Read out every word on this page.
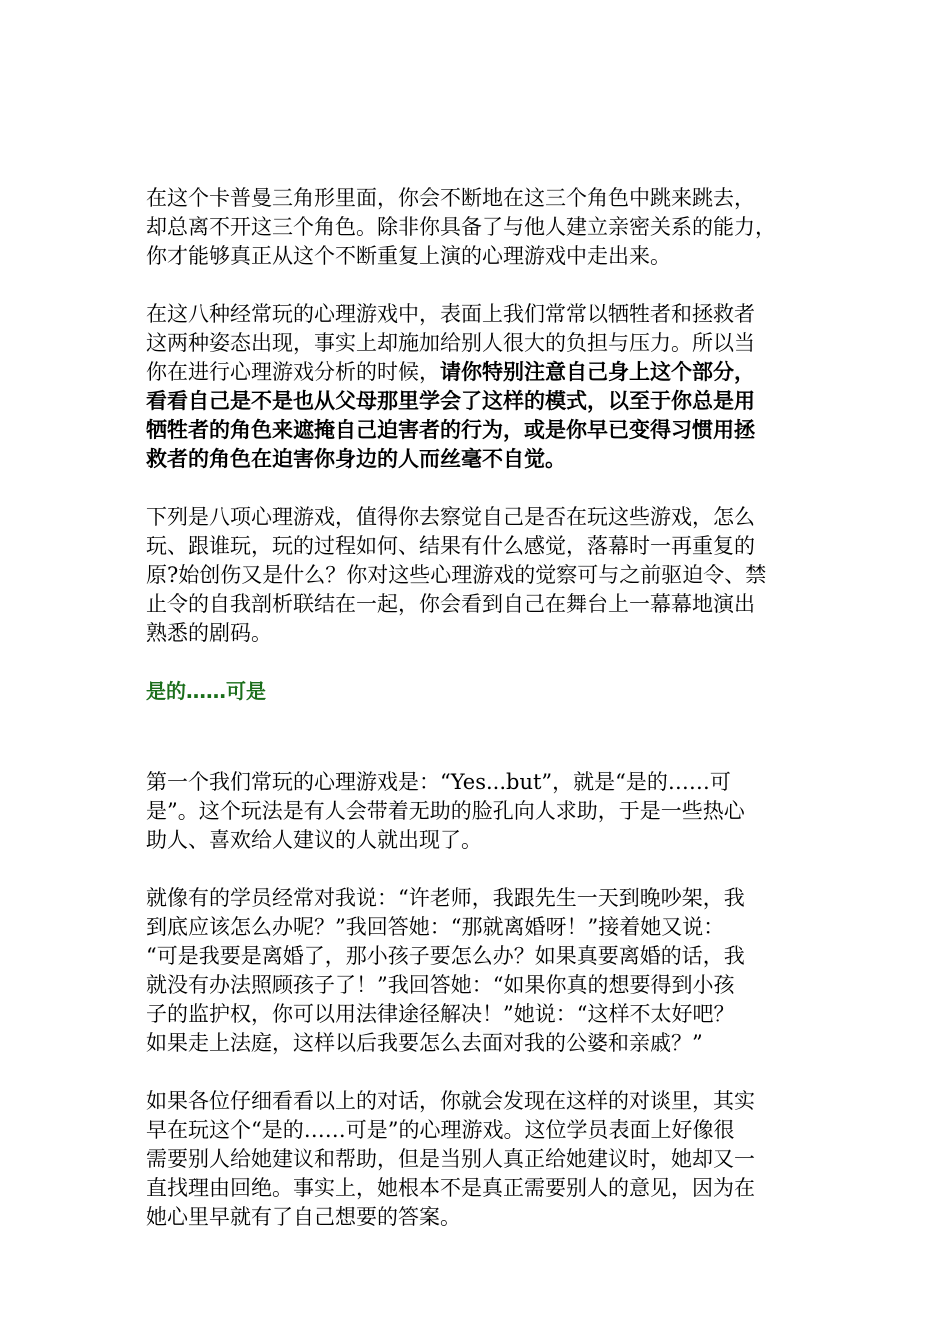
在这个卡普曼三角形里面，你会不断地在这三个角色中跳来跳去，
却总离不开这三个角色。除非你具备了与他人建立亲密关系的能力，
你才能够真正从这个不断重复上演的心理游戏中走出来。

在这八种经常玩的心理游戏中，表面上我们常常以牺牲者和拯救者
这两种姿态出现，事实上却施加给别人很大的负担与压力。所以当
你在进行心理游戏分析的时候，请你特别注意自己身上这个部分，
看看自己是不是也从父母那里学会了这样的模式，以至于你总是用
牺牲者的角色来遮掩自己迫害者的行为，或是你早已变得习惯用拯
救者的角色在迫害你身边的人而丝毫不自觉。

下列是八项心理游戏，值得你去察觉自己是否在玩这些游戏，怎么
玩、跟谁玩，玩的过程如何、结果有什么感觉，落幕时一再重复的
原?始创伤又是什么？你对这些心理游戏的觉察可与之前驱迫令、禁
止令的自我剖析联结在一起，你会看到自己在舞台上一幕幕地演出
熟悉的剧码。

是的……可是

第一个我们常玩的心理游戏是：“Yes...but”，就是“是的……可
是”。这个玩法是有人会带着无助的脸孔向人求助，于是一些热心
助人、喜欢给人建议的人就出现了。

就像有的学员经常对我说：“许老师，我跟先生一天到晚吵架，我
到底应该怎么办呢？”我回答她：“那就离婚呀！”接着她又说：
“可是我要是离婚了，那小孩子要怎么办？如果真要离婚的话，我
就没有办法照顾孩子了！”我回答她：“如果你真的想要得到小孩
子的监护权，你可以用法律途径解决！”她说：“这样不太好吧？
如果走上法庭，这样以后我要怎么去面对我的公婆和亲戚？”

如果各位仔细看看以上的对话，你就会发现在这样的对谈里，其实
早在玩这个“是的……可是”的心理游戏。这位学员表面上好像很
需要别人给她建议和帮助，但是当别人真正给她建议时，她却又一
直找理由回绝。事实上，她根本不是真正需要别人的意见，因为在
她心里早就有了自己想要的答案。
